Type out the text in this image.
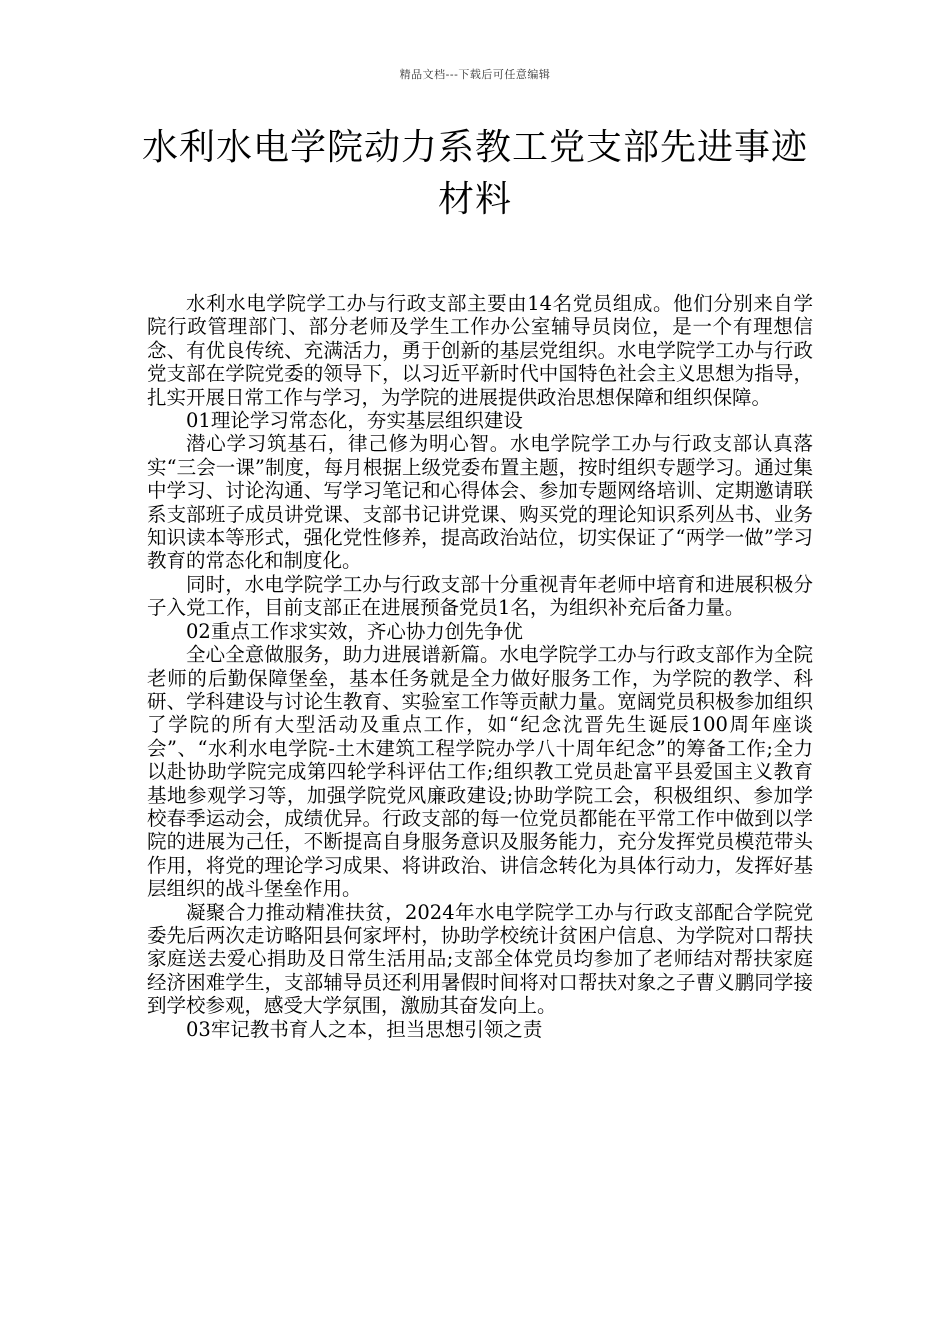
精品文档---下载后可任意编辑
水利水电学院动力系教工党支部先进事迹材料

水利水电学院学工办与行政支部主要由14名党员组成。他们分别来自学院行政管理部门、部分老师及学生工作办公室辅导员岗位，是一个有理想信念、有优良传统、充满活力，勇于创新的基层党组织。水电学院学工办与行政党支部在学院党委的领导下，以习近平新时代中国特色社会主义思想为指导，扎实开展日常工作与学习，为学院的进展提供政治思想保障和组织保障。

01理论学习常态化，夯实基层组织建设

潜心学习筑基石，律己修为明心智。水电学院学工办与行政支部认真落实“三会一课”制度，每月根据上级党委布置主题，按时组织专题学习。通过集中学习、讨论沟通、写学习笔记和心得体会、参加专题网络培训、定期邀请联系支部班子成员讲党课、支部书记讲党课、购买党的理论知识系列丛书、业务知识读本等形式，强化党性修养，提高政治站位，切实保证了“两学一做”学习教育的常态化和制度化。

同时，水电学院学工办与行政支部十分重视青年老师中培育和进展积极分子入党工作，目前支部正在进展预备党员1名，为组织补充后备力量。

02重点工作求实效，齐心协力创先争优

全心全意做服务，助力进展谱新篇。水电学院学工办与行政支部作为全院老师的后勤保障堡垒，基本任务就是全力做好服务工作，为学院的教学、科研、学科建设与讨论生教育、实验室工作等贡献力量。宽阔党员积极参加组织了学院的所有大型活动及重点工作，如“纪念沈晋先生诞辰100周年座谈会”、“水利水电学院-土木建筑工程学院办学八十周年纪念”的筹备工作;全力以赴协助学院完成第四轮学科评估工作;组织教工党员赴富平县爱国主义教育基地参观学习等，加强学院党风廉政建设;协助学院工会，积极组织、参加学校春季运动会，成绩优异。行政支部的每一位党员都能在平常工作中做到以学院的进展为己任，不断提高自身服务意识及服务能力，充分发挥党员模范带头作用，将党的理论学习成果、将讲政治、讲信念转化为具体行动力，发挥好基层组织的战斗堡垒作用。

凝聚合力推动精准扶贫，2024年水电学院学工办与行政支部配合学院党委先后两次走访略阳县何家坪村，协助学校统计贫困户信息、为学院对口帮扶家庭送去爱心捐助及日常生活用品;支部全体党员均参加了老师结对帮扶家庭经济困难学生，支部辅导员还利用暑假时间将对口帮扶对象之子曹义鹏同学接到学校参观，感受大学氛围，激励其奋发向上。

03牢记教书育人之本，担当思想引领之责
